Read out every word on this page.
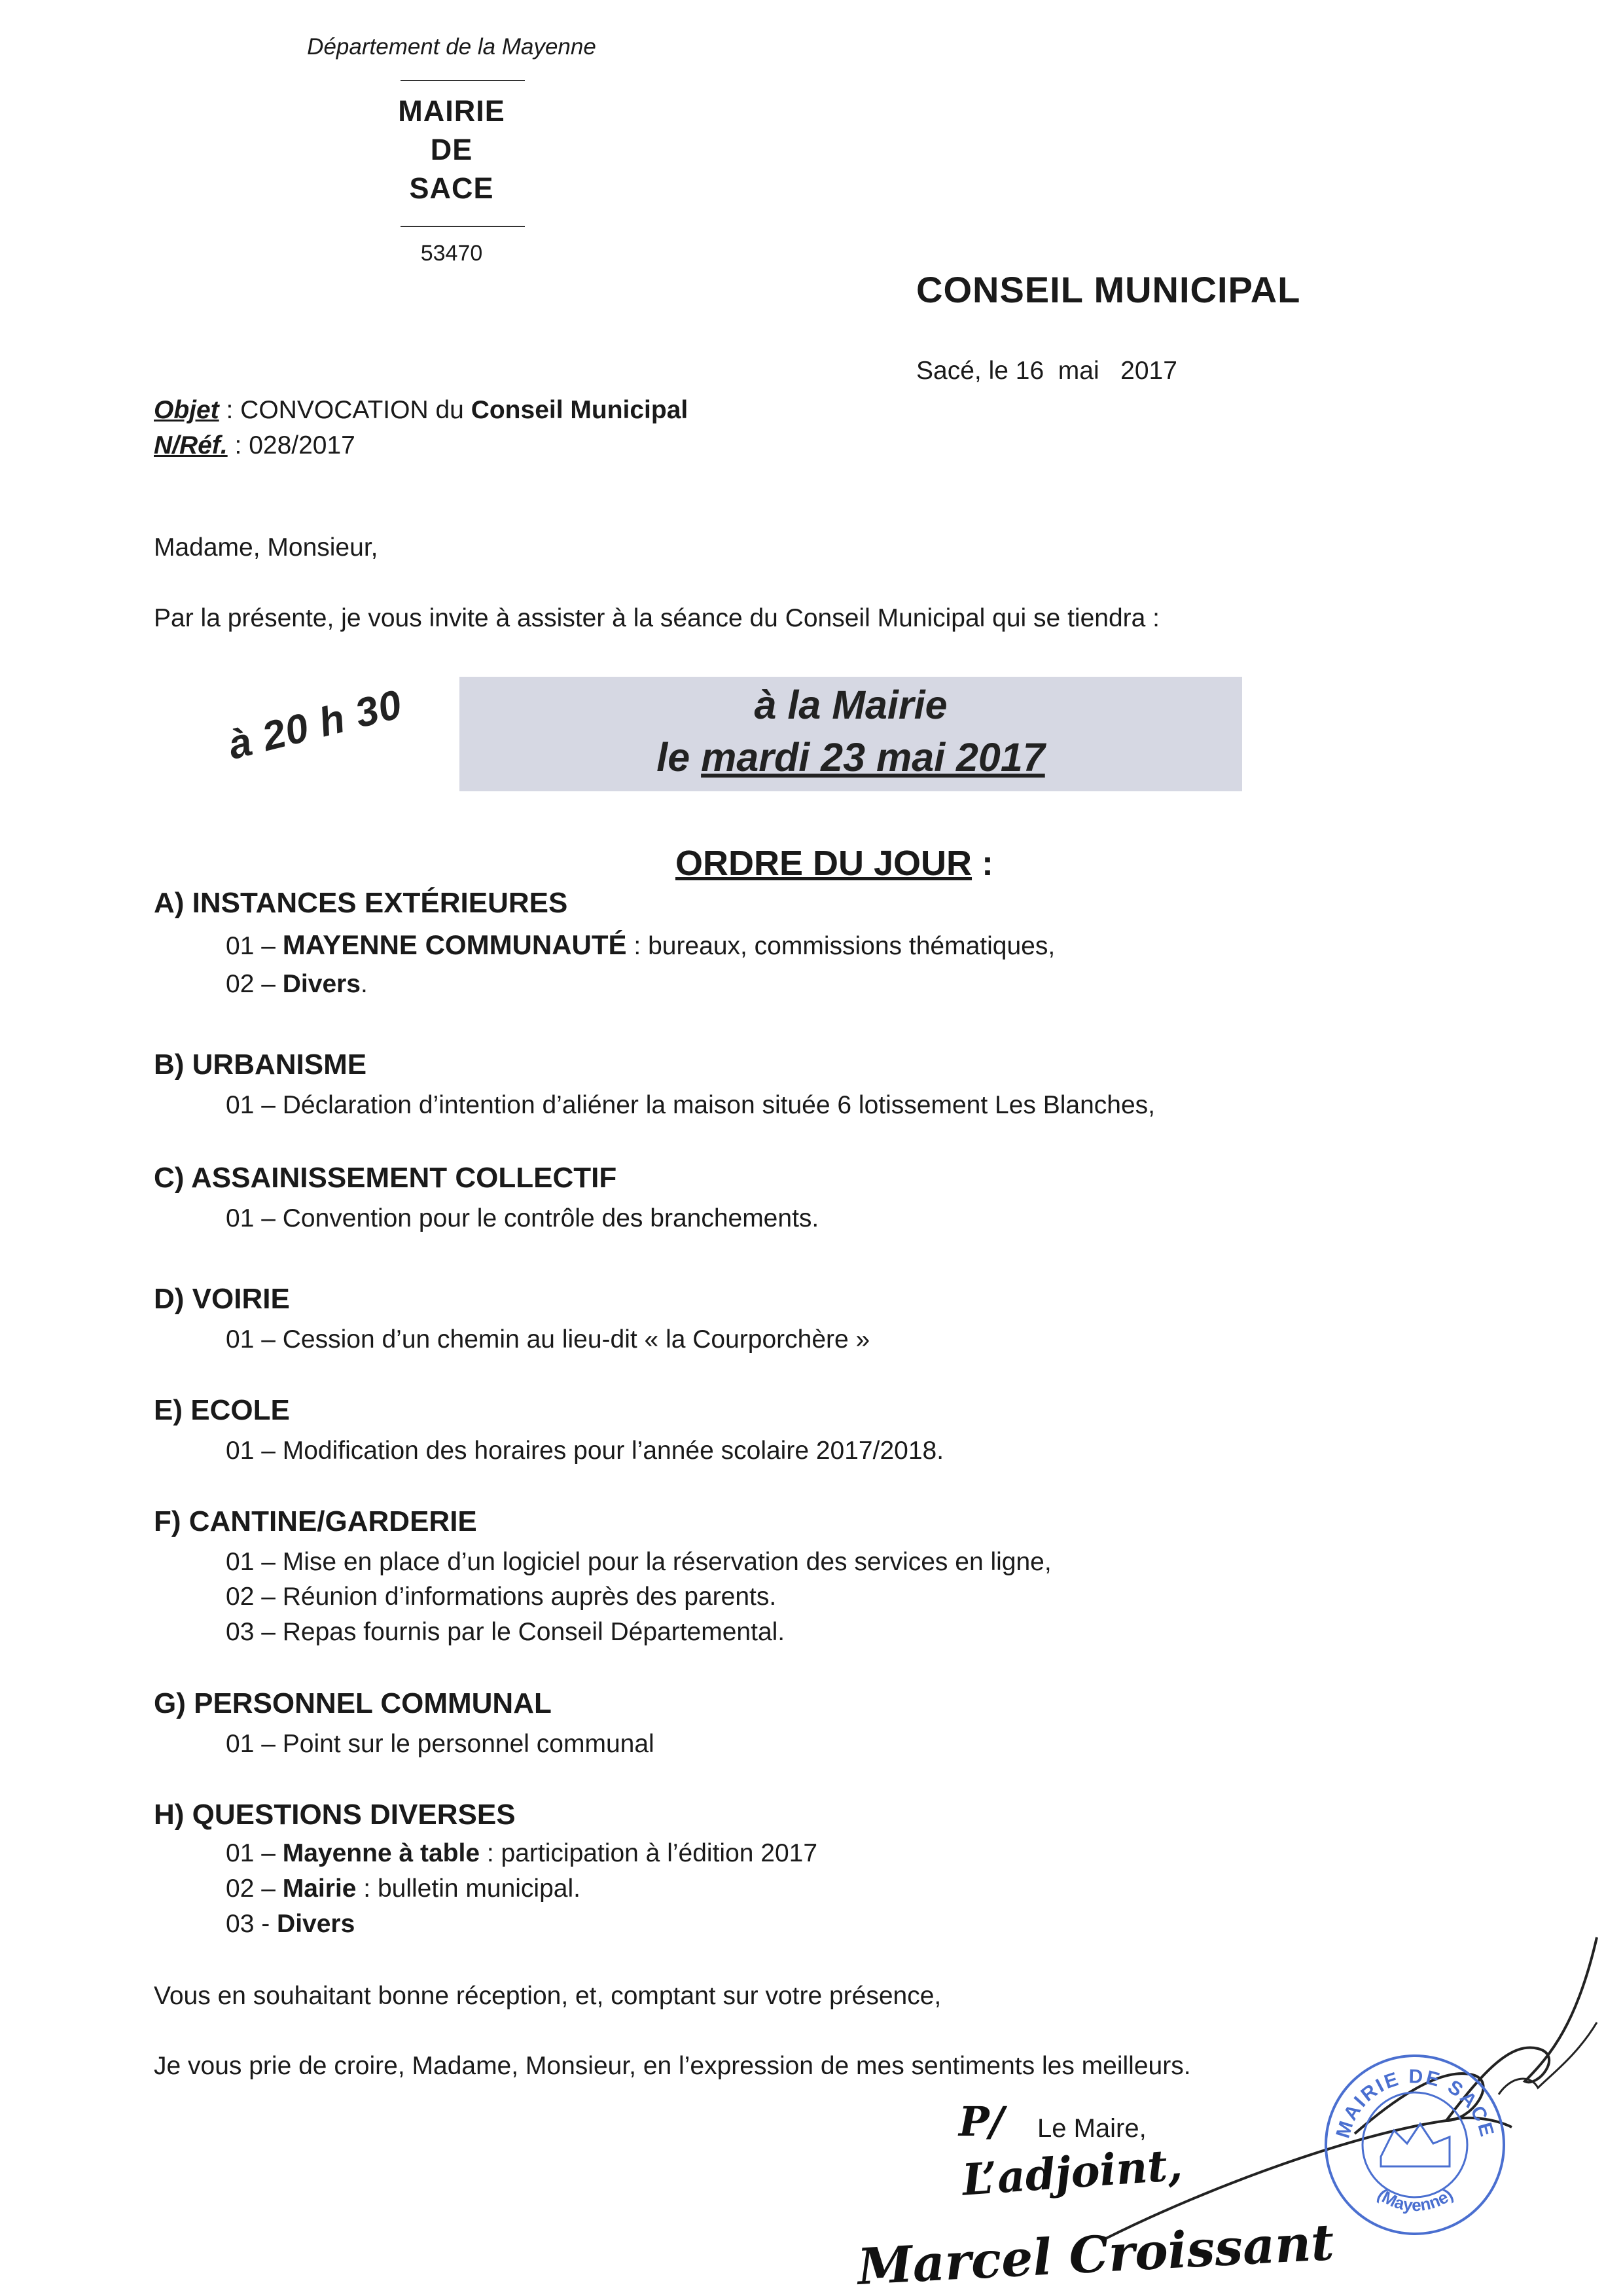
Département de la Mayenne
MAIRIE
DE
SACE
53470
CONSEIL MUNICIPAL
Sacé, le 16  mai   2017
Objet : CONVOCATION du Conseil Municipal
N/Réf. : 028/2017
Madame, Monsieur,
Par la présente, je vous invite à assister à la séance du Conseil Municipal qui se tiendra :
à 20 h 30	à la Mairie
le mardi 23 mai 2017
ORDRE DU JOUR :
A) INSTANCES EXTÉRIEURES
01 – MAYENNE COMMUNAUTÉ : bureaux, commissions thématiques,
02 – Divers.
B) URBANISME
01 – Déclaration d’intention d’aliéner la maison située 6 lotissement Les Blanches,
C) ASSAINISSEMENT COLLECTIF
01 – Convention pour le contrôle des branchements.
D) VOIRIE
01 – Cession d’un chemin au lieu-dit « la Courporchère »
E) ECOLE
01 – Modification des horaires pour l’année scolaire 2017/2018.
F) CANTINE/GARDERIE
01 – Mise en place d’un logiciel pour la réservation des services en ligne,
02 – Réunion d’informations auprès des parents.
03 – Repas fournis par le Conseil Départemental.
G) PERSONNEL COMMUNAL
01 – Point sur le personnel communal
H) QUESTIONS DIVERSES
01 – Mayenne à table : participation à l’édition 2017
02 – Mairie : bulletin municipal.
03 - Divers
Vous en souhaitant bonne réception, et, comptant sur votre présence,
Je vous prie de croire, Madame, Monsieur, en l’expression de mes sentiments les meilleurs.
Le Maire,
P/
L’adjoint,
Marcel Croissant
MAIRIE DE SACE
(Mayenne)
